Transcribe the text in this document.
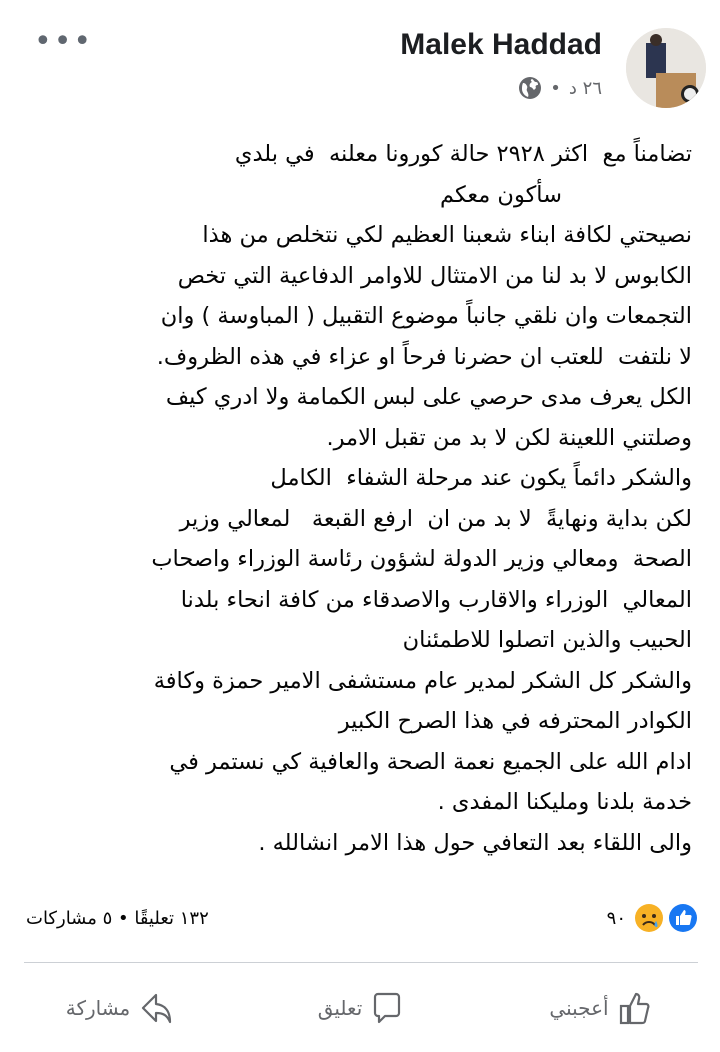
Malek Haddad
٢٦ د
•
•••
تضامناً مع  اكثر ٢٩٢٨ حالة كورونا معلنه  في بلدي
سأكون معكم
نصيحتي لكافة ابناء شعبنا العظيم لكي نتخلص من هذا
الكابوس لا بد لنا من الامتثال للاوامر الدفاعية التي تخص
التجمعات وان نلقي جانباً موضوع التقبيل ( المباوسة ) وان
لا نلتفت  للعتب ان حضرنا فرحاً او عزاء في هذه الظروف.
الكل يعرف مدى حرصي على لبس الكمامة ولا ادري كيف
وصلتني اللعينة لكن لا بد من تقبل الامر.
والشكر دائماً يكون عند مرحلة الشفاء  الكامل
لكن بداية ونهايةً  لا بد من ان  ارفع القبعة   لمعالي وزير
الصحة  ومعالي وزير الدولة لشؤون رئاسة الوزراء واصحاب
المعالي  الوزراء والاقارب والاصدقاء من كافة انحاء بلدنا
الحبيب والذين اتصلوا للاطمئنان
والشكر كل الشكر لمدير عام مستشفى الامير حمزة وكافة
الكوادر المحترفه في هذا الصرح الكبير
ادام الله على الجميع نعمة الصحة والعافية كي نستمر في
خدمة بلدنا ومليكنا المفدى .
والى اللقاء بعد التعافي حول هذا الامر انشالله .
١٣٢ تعليقًا • ٥ مشاركات	٩٠
مشاركة	تعليق	أعجبني
